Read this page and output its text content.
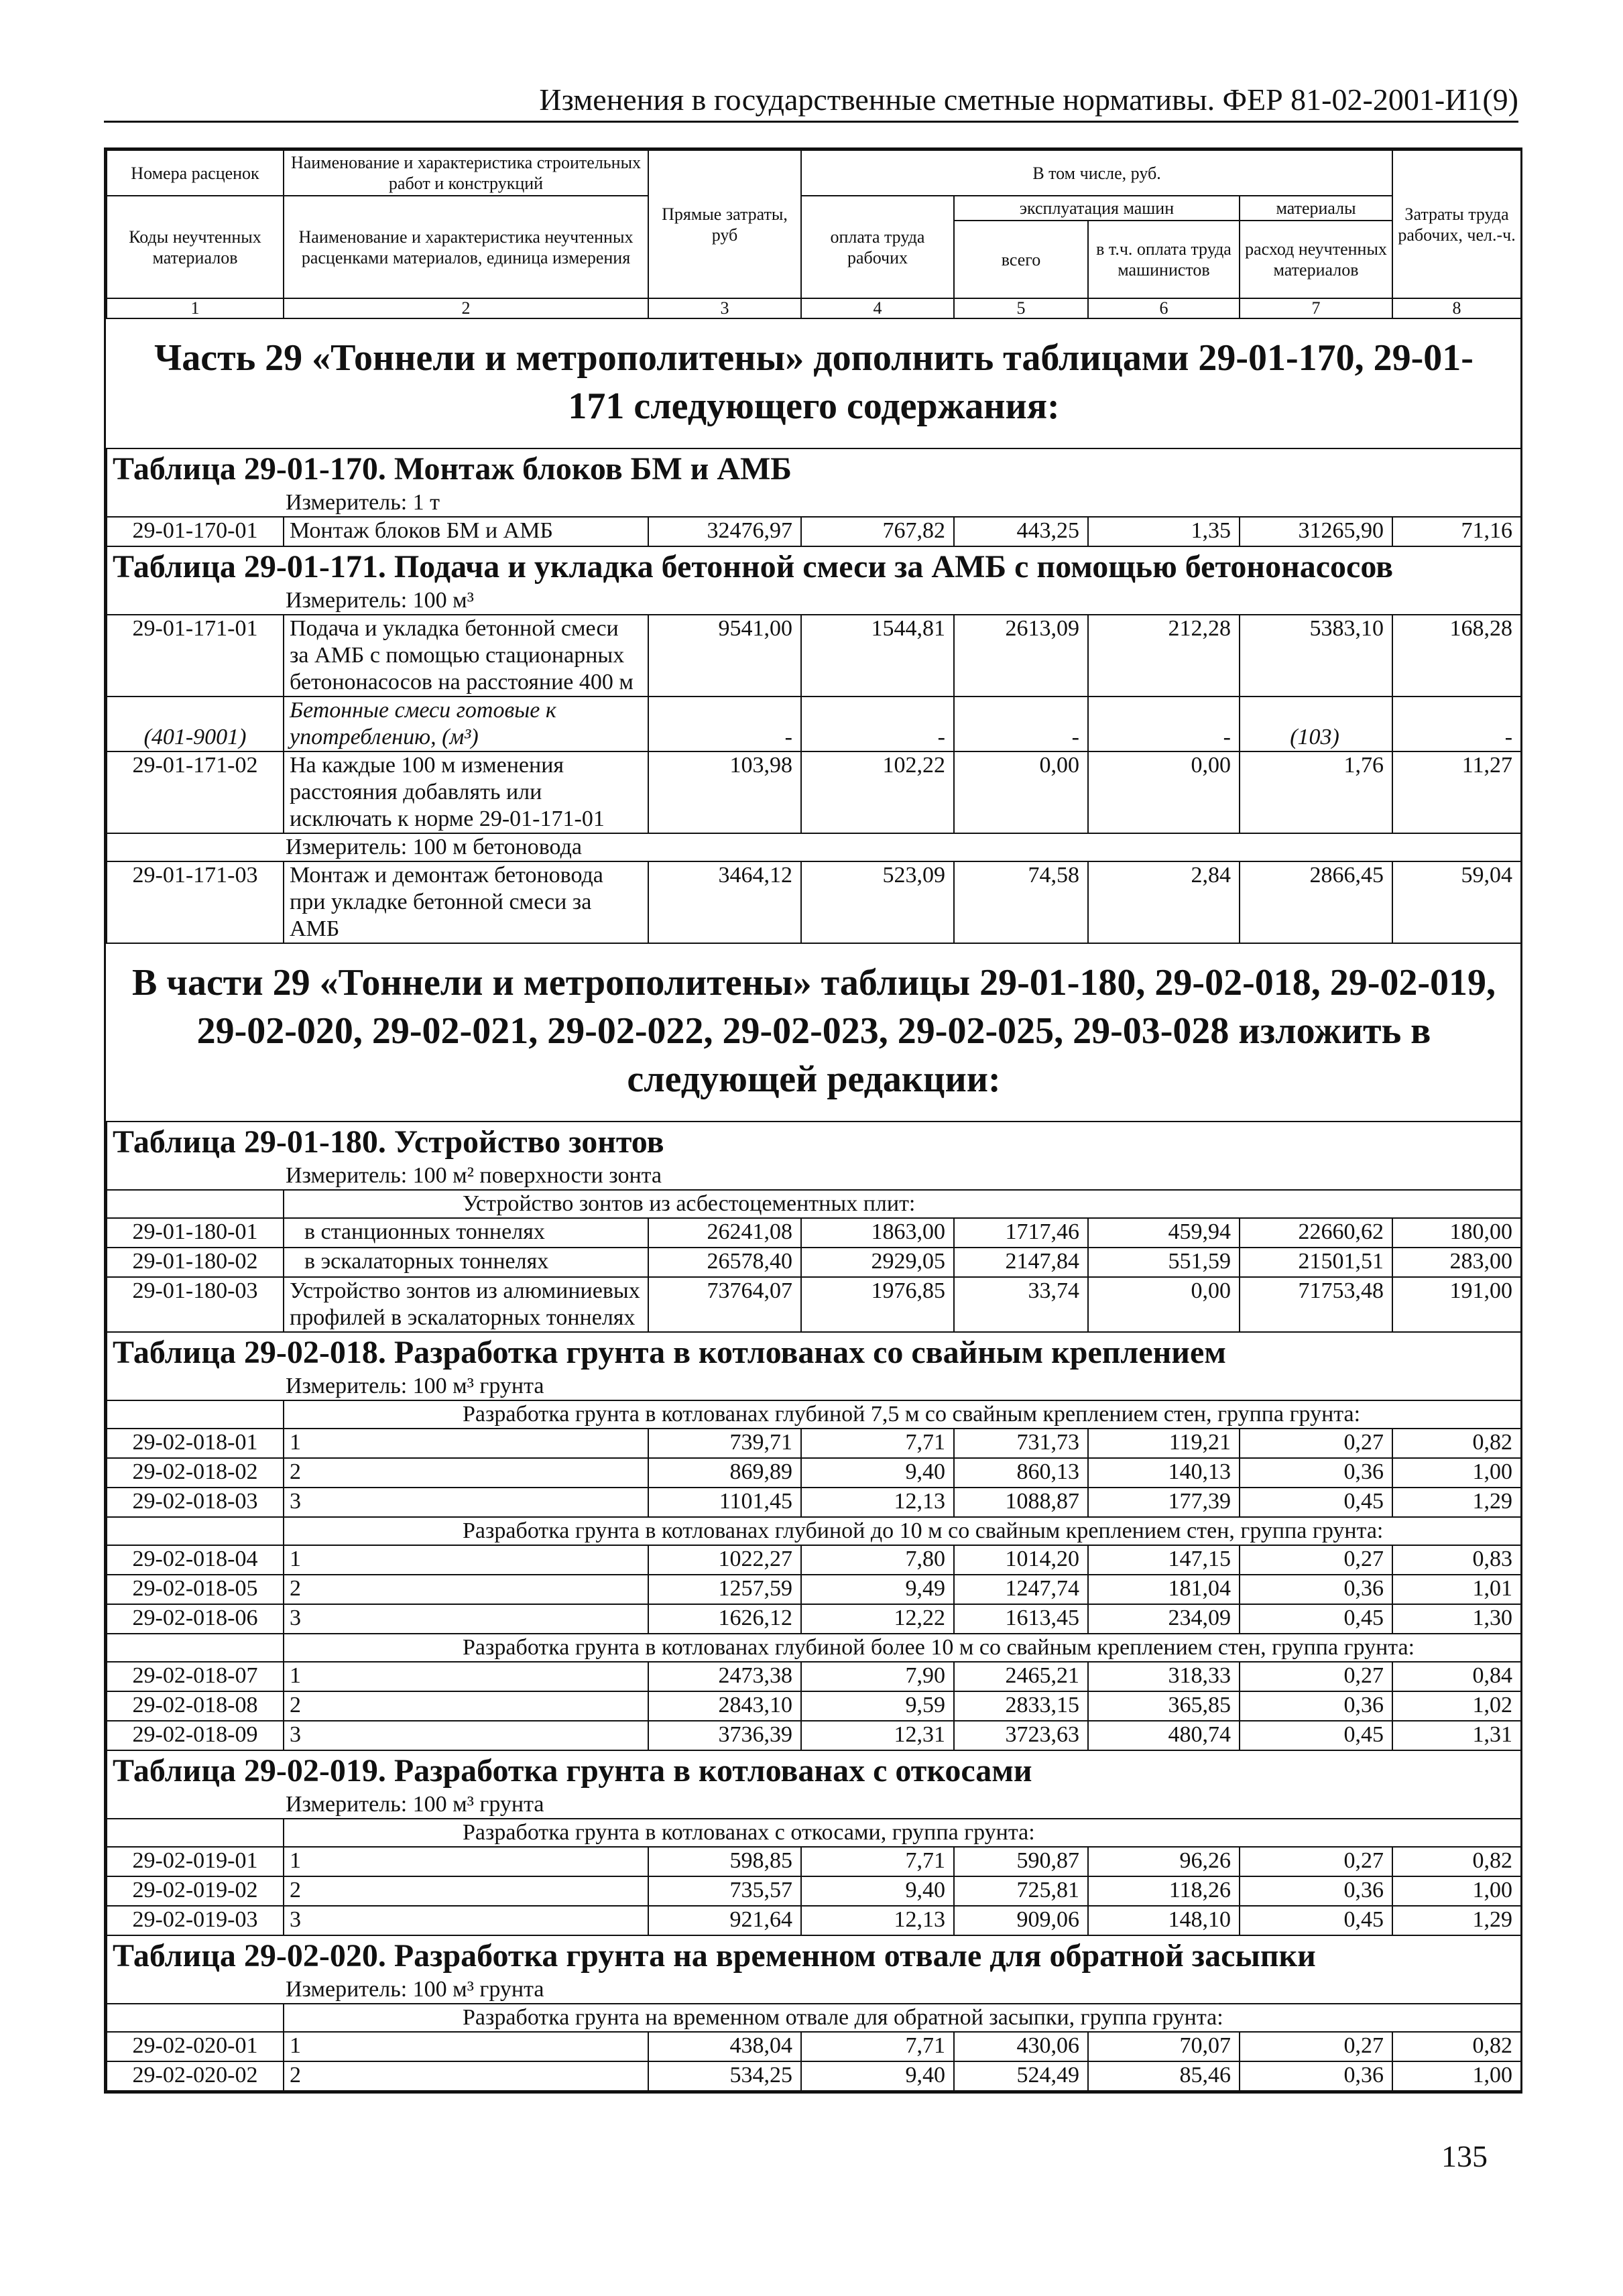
Изменения в государственные сметные нормативы. ФЕР 81-02-2001-И1(9)
Номера расценок	Наименование и характеристика строительных работ и конструкций	Прямые затраты, руб	В том числе, руб.				Затраты труда рабочих, чел.-ч.
Коды неучтенных материалов	Наименование и характеристика неучтенных расценками материалов, единица измерения		оплата труда рабочих	эксплуатация машин		материалы	
				всего	в т.ч. оплата труда машинистов	расход неучтенных материалов	
1	2	3	4	5	6	7	8
Часть 29 «Тоннели и метрополитены» дополнить таблицами 29-01-170, 29-01-171 следующего содержания:							
Таблица 29-01-170. Монтаж блоков БМ и АМБ							
Измеритель: 1 т							
29-01-170-01	Монтаж блоков БМ и АМБ	32476,97	767,82	443,25	1,35	31265,90	71,16
Таблица 29-01-171. Подача и укладка бетонной смеси за АМБ с помощью бетононасосов							
Измеритель: 100 м³							
29-01-171-01	Подача и укладка бетонной смеси за АМБ с помощью стационарных бетононасосов на расстояние 400 м	9541,00	1544,81	2613,09	212,28	5383,10	168,28
(401-9001)	Бетонные смеси готовые к употреблению, (м³)	-	-	-	-	(103)	-
29-01-171-02	На каждые 100 м изменения расстояния добавлять или исключать к норме 29-01-171-01	103,98	102,22	0,00	0,00	1,76	11,27
Измеритель: 100 м бетоновода							
29-01-171-03	Монтаж и демонтаж бетоновода при укладке бетонной смеси за АМБ	3464,12	523,09	74,58	2,84	2866,45	59,04
В части 29 «Тоннели и метрополитены» таблицы 29-01-180, 29-02-018, 29-02-019, 29-02-020, 29-02-021, 29-02-022, 29-02-023, 29-02-025, 29-03-028 изложить в следующей редакции:							
Таблица 29-01-180. Устройство зонтов							
Измеритель: 100 м² поверхности зонта							
	Устройство зонтов из асбестоцементных плит:						
29-01-180-01	в станционных тоннелях	26241,08	1863,00	1717,46	459,94	22660,62	180,00
29-01-180-02	в эскалаторных тоннелях	26578,40	2929,05	2147,84	551,59	21501,51	283,00
29-01-180-03	Устройство зонтов из алюминиевых профилей в эскалаторных тоннелях	73764,07	1976,85	33,74	0,00	71753,48	191,00
Таблица 29-02-018. Разработка грунта в котлованах со свайным креплением							
Измеритель: 100 м³ грунта							
	Разработка грунта в котлованах глубиной 7,5 м со свайным креплением стен, группа грунта:						
29-02-018-01	1	739,71	7,71	731,73	119,21	0,27	0,82
29-02-018-02	2	869,89	9,40	860,13	140,13	0,36	1,00
29-02-018-03	3	1101,45	12,13	1088,87	177,39	0,45	1,29
	Разработка грунта в котлованах глубиной до 10 м со свайным креплением стен, группа грунта:						
29-02-018-04	1	1022,27	7,80	1014,20	147,15	0,27	0,83
29-02-018-05	2	1257,59	9,49	1247,74	181,04	0,36	1,01
29-02-018-06	3	1626,12	12,22	1613,45	234,09	0,45	1,30
	Разработка грунта в котлованах глубиной более 10 м со свайным креплением стен, группа грунта:						
29-02-018-07	1	2473,38	7,90	2465,21	318,33	0,27	0,84
29-02-018-08	2	2843,10	9,59	2833,15	365,85	0,36	1,02
29-02-018-09	3	3736,39	12,31	3723,63	480,74	0,45	1,31
Таблица 29-02-019. Разработка грунта в котлованах с откосами							
Измеритель: 100 м³ грунта							
	Разработка грунта в котлованах с откосами, группа грунта:						
29-02-019-01	1	598,85	7,71	590,87	96,26	0,27	0,82
29-02-019-02	2	735,57	9,40	725,81	118,26	0,36	1,00
29-02-019-03	3	921,64	12,13	909,06	148,10	0,45	1,29
Таблица 29-02-020. Разработка грунта на временном отвале для обратной засыпки							
Измеритель: 100 м³ грунта							
	Разработка грунта на временном отвале для обратной засыпки, группа грунта:						
29-02-020-01	1	438,04	7,71	430,06	70,07	0,27	0,82
29-02-020-02	2	534,25	9,40	524,49	85,46	0,36	1,00
135
